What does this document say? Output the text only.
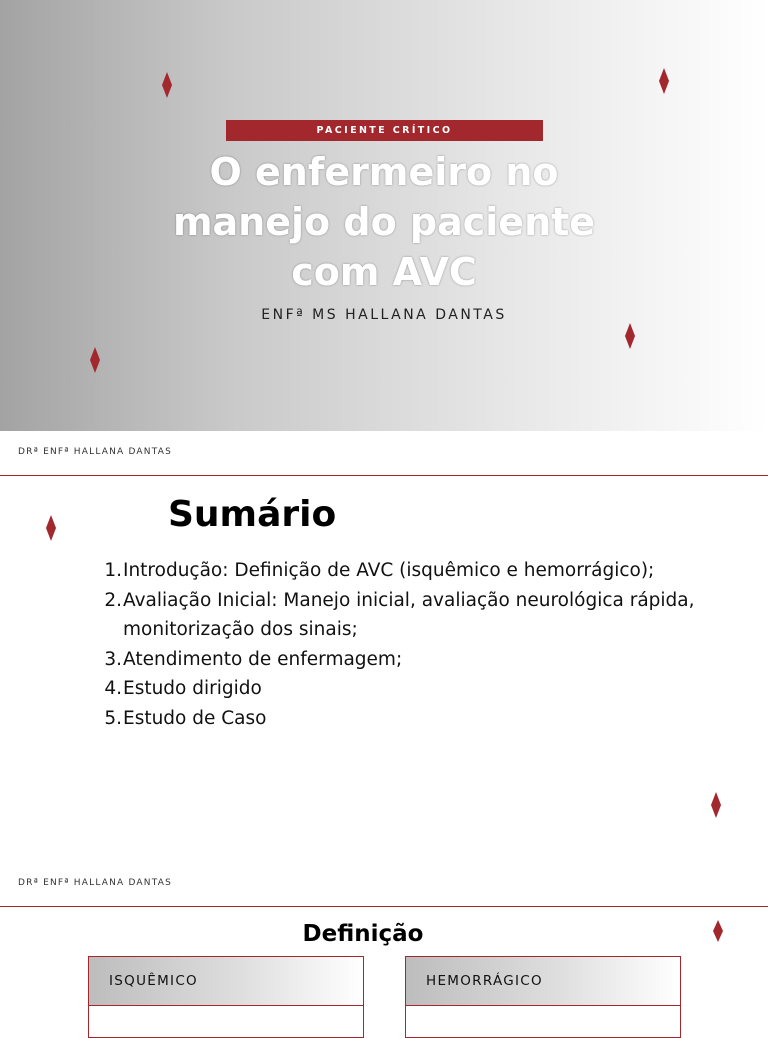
PACIENTE CRÍTICO
O enfermeiro no
manejo do paciente
com AVC
ENFª MS HALLANA DANTAS
DRª ENFª HALLANA DANTAS
Sumário
1. Introdução: Definição de AVC (isquêmico e hemorrágico);
2. Avaliação Inicial: Manejo inicial, avaliação neurológica rápida, monitorização dos sinais;
3. Atendimento de enfermagem;
4. Estudo dirigido
5. Estudo de Caso
DRª ENFª HALLANA DANTAS
Definição
ISQUÊMICO	HEMORRÁGICO
